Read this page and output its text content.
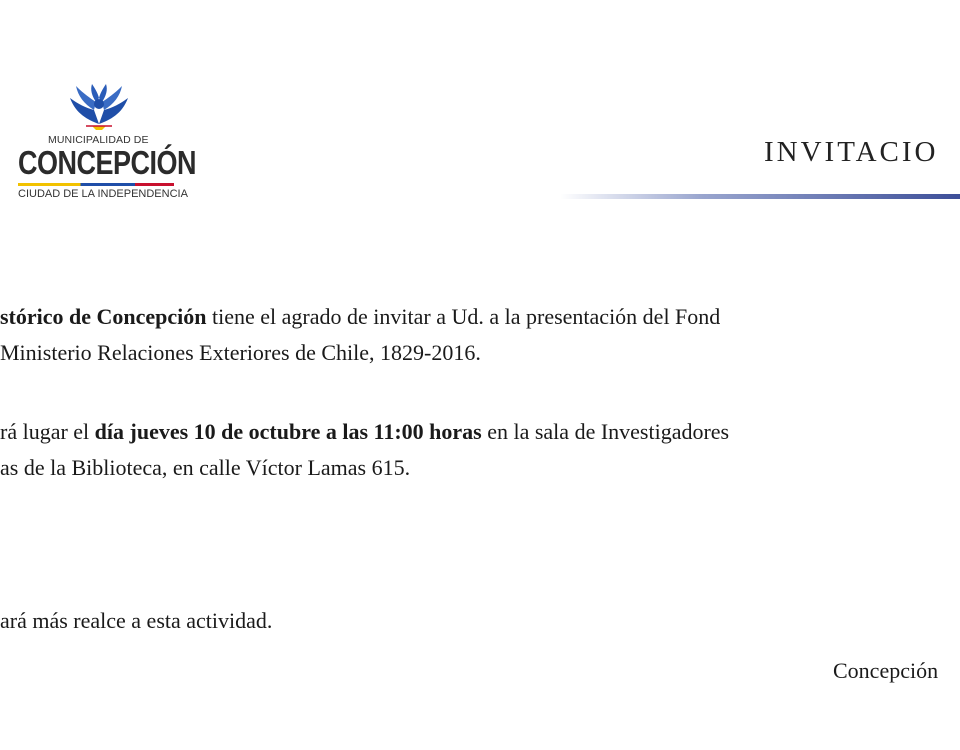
MUNICIPALIDAD DE
CONCEPCIÓN
CIUDAD DE LA INDEPENDENCIA
INVITACIO

stórico de Concepción tiene el agrado de invitar a Ud. a la presentación del Fond
Ministerio Relaciones Exteriores de Chile, 1829-2016.

rá lugar el día jueves 10 de octubre a las 11:00 horas en la sala de Investigadores
as de la Biblioteca, en calle Víctor Lamas 615.

ará más realce a esta actividad.

Concepción
